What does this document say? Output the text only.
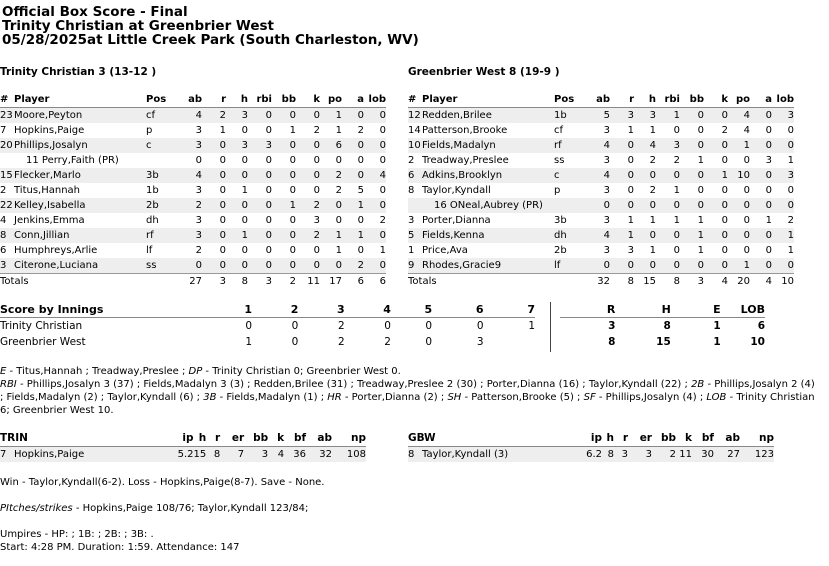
Official Box Score - Final
Trinity Christian at Greenbrier West
05/28/2025at Little Creek Park (South Charleston, WV)
Trinity Christian 3 (13-12 )	Greenbrier West 8 (19-9 )
#	Player	Pos	ab	r	h	rbi	bb	k	po	a	lob
23	Moore,Peyton	cf	4	2	3	0	0	0	1	0	0
7	Hopkins,Paige	p	3	1	0	0	1	2	1	2	0
20	Phillips,Josalyn	c	3	0	3	3	0	0	6	0	0
	11 Perry,Faith (PR)		0	0	0	0	0	0	0	0	0
15	Flecker,Marlo	3b	4	0	0	0	0	0	2	0	4
2	Titus,Hannah	1b	3	0	1	0	0	0	2	5	0
22	Kelley,Isabella	2b	2	0	0	0	1	2	0	1	0
4	Jenkins,Emma	dh	3	0	0	0	0	3	0	0	2
8	Conn,Jillian	rf	3	0	1	0	0	2	1	1	0
6	Humphreys,Arlie	lf	2	0	0	0	0	0	1	0	1
3	Citerone,Luciana	ss	0	0	0	0	0	0	0	2	0
Totals			27	3	8	3	2	11	17	6	6
#	Player	Pos	ab	r	h	rbi	bb	k	po	a	lob
12	Redden,Brilee	1b	5	3	3	1	0	0	4	0	3
14	Patterson,Brooke	cf	3	1	1	0	0	2	4	0	0
10	Fields,Madalyn	rf	4	0	4	3	0	0	1	0	0
2	Treadway,Preslee	ss	3	0	2	2	1	0	0	3	1
6	Adkins,Brooklyn	c	4	0	0	0	0	1	10	0	3
8	Taylor,Kyndall	p	3	0	2	1	0	0	0	0	0
	16 ONeal,Aubrey (PR)		0	0	0	0	0	0	0	0	0
3	Porter,Dianna	3b	3	1	1	1	1	0	0	1	2
5	Fields,Kenna	dh	4	1	0	0	1	0	0	0	1
1	Price,Ava	2b	3	3	1	0	1	0	0	0	1
9	Rhodes,Gracie9	lf	0	0	0	0	0	0	1	0	0
Totals			32	8	15	8	3	4	20	4	10
Score by Innings	1	2	3	4	5	6	7
Trinity Christian	0	0	2	0	0	0	1
Greenbrier West	1	0	2	2	0	3	
R	H	E	LOB
3	8	1	6
8	15	1	10
E - Titus,Hannah ; Treadway,Preslee ; DP - Trinity Christian 0; Greenbrier West 0.
RBI - Phillips,Josalyn 3 (37) ; Fields,Madalyn 3 (3) ; Redden,Brilee (31) ; Treadway,Preslee 2 (30) ; Porter,Dianna (16) ; Taylor,Kyndall (22) ; 2B - Phillips,Josalyn 2 (4) ; Fields,Madalyn (2) ; Taylor,Kyndall (6) ; 3B - Fields,Madalyn (1) ; HR - Porter,Dianna (2) ; SH - Patterson,Brooke (5) ; SF - Phillips,Josalyn (4) ; LOB - Trinity Christian 6; Greenbrier West 10.
TRIN		ip	h	r	er	bb	k	bf	ab	np
7	Hopkins,Paige	5.2	15	8	7	3	4	36	32	108
GBW		ip	h	r	er	bb	k	bf	ab	np
8	Taylor,Kyndall (3)	6.2	8	3	3	2	11	30	27	123
Win - Taylor,Kyndall(6-2). Loss - Hopkins,Paige(8-7). Save - None.
PItches/strikes - Hopkins,Paige 108/76; Taylor,Kyndall 123/84;
Umpires - HP: ; 1B: ; 2B: ; 3B: .
Start: 4:28 PM. Duration: 1:59. Attendance: 147
